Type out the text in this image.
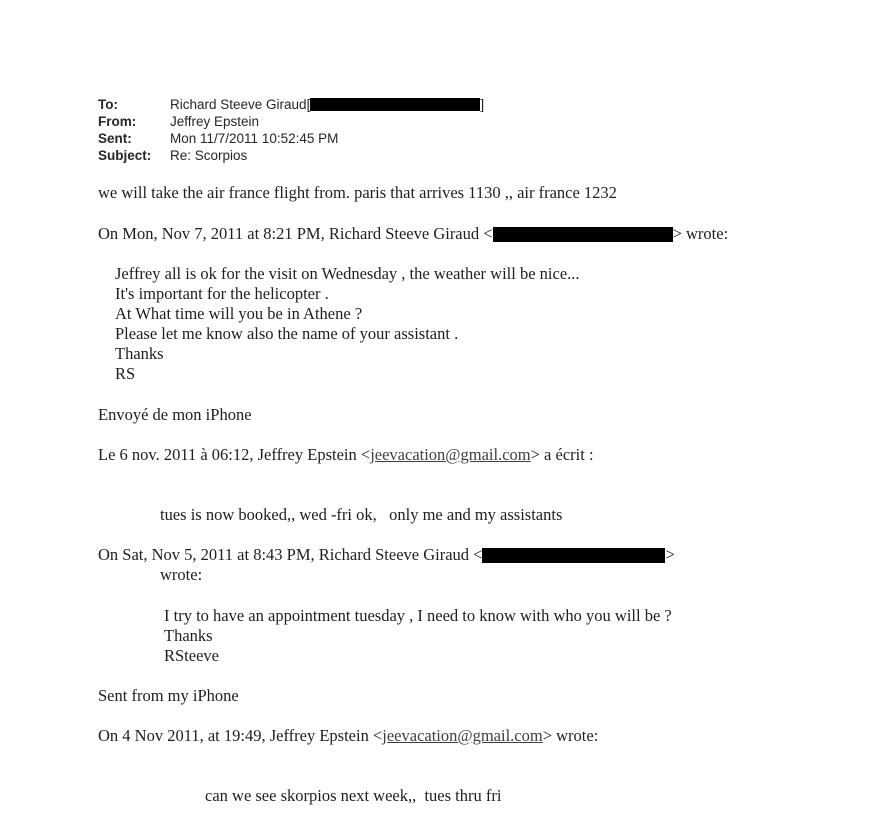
To:	Richard Steeve Giraud[	]
From:	Jeffrey Epstein
Sent:	Mon 11/7/2011 10:52:45 PM
Subject:	Re: Scorpios
we will take the air france flight from. paris that arrives 1130 ,, air france 1232
On Mon, Nov 7, 2011 at 8:21 PM, Richard Steeve Giraud <	> wrote:
Jeffrey all is ok for the visit on Wednesday , the weather will be nice...
It's important for the helicopter .
At What time will you be in Athene ?
Please let me know also the name of your assistant .
Thanks
RS
Envoyé de mon iPhone
Le 6 nov. 2011 à 06:12, Jeffrey Epstein <jeevacation@gmail.com> a écrit :
tues is now booked,, wed -fri ok,   only me and my assistants
On Sat, Nov 5, 2011 at 8:43 PM, Richard Steeve Giraud <	>
wrote:
I try to have an appointment tuesday , I need to know with who you will be ?
Thanks
RSteeve
Sent from my iPhone
On 4 Nov 2011, at 19:49, Jeffrey Epstein <jeevacation@gmail.com> wrote:
can we see skorpios next week,,  tues thru fri
